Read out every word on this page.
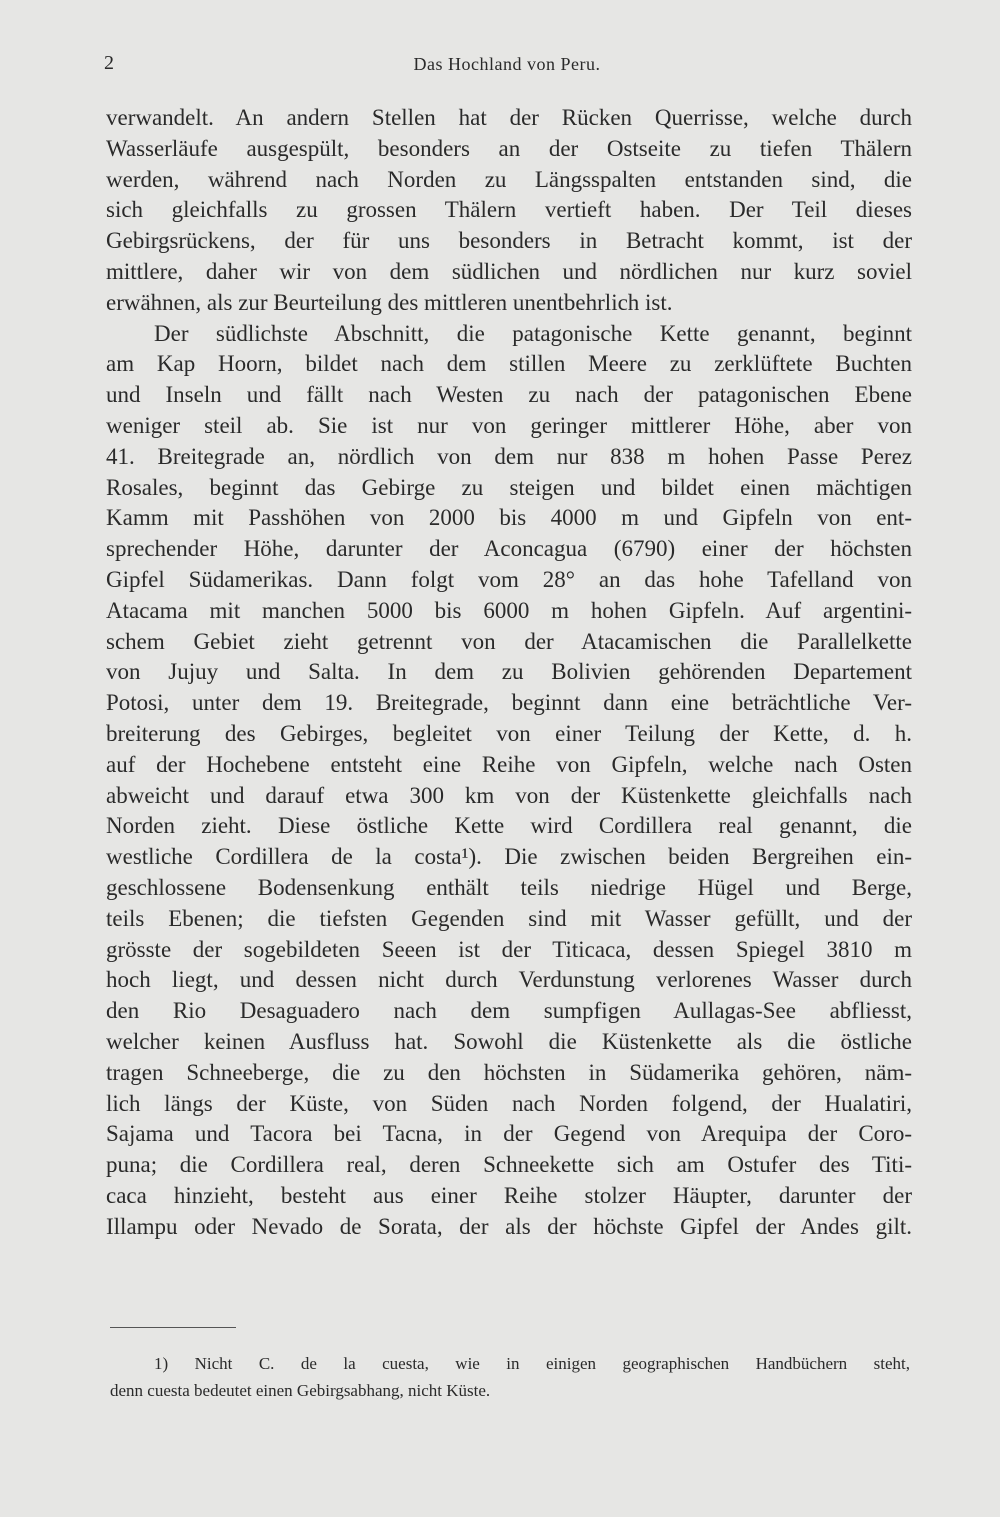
2	Das Hochland von Peru.
verwandelt. An andern Stellen hat der Rücken Querrisse, welche durch
Wasserläufe ausgespült, besonders an der Ostseite zu tiefen Thälern
werden, während nach Norden zu Längsspalten entstanden sind, die
sich gleichfalls zu grossen Thälern vertieft haben. Der Teil dieses
Gebirgsrückens, der für uns besonders in Betracht kommt, ist der
mittlere, daher wir von dem südlichen und nördlichen nur kurz soviel
erwähnen, als zur Beurteilung des mittleren unentbehrlich ist.
Der südlichste Abschnitt, die patagonische Kette genannt, beginnt
am Kap Hoorn, bildet nach dem stillen Meere zu zerklüftete Buchten
und Inseln und fällt nach Westen zu nach der patagonischen Ebene
weniger steil ab. Sie ist nur von geringer mittlerer Höhe, aber von
41. Breitegrade an, nördlich von dem nur 838 m hohen Passe Perez
Rosales, beginnt das Gebirge zu steigen und bildet einen mächtigen
Kamm mit Passhöhen von 2000 bis 4000 m und Gipfeln von ent-
sprechender Höhe, darunter der Aconcagua (6790) einer der höchsten
Gipfel Südamerikas. Dann folgt vom 28° an das hohe Tafelland von
Atacama mit manchen 5000 bis 6000 m hohen Gipfeln. Auf argentini-
schem Gebiet zieht getrennt von der Atacamischen die Parallelkette
von Jujuy und Salta. In dem zu Bolivien gehörenden Departement
Potosi, unter dem 19. Breitegrade, beginnt dann eine beträchtliche Ver-
breiterung des Gebirges, begleitet von einer Teilung der Kette, d. h.
auf der Hochebene entsteht eine Reihe von Gipfeln, welche nach Osten
abweicht und darauf etwa 300 km von der Küstenkette gleichfalls nach
Norden zieht. Diese östliche Kette wird Cordillera real genannt, die
westliche Cordillera de la costa¹). Die zwischen beiden Bergreihen ein-
geschlossene Bodensenkung enthält teils niedrige Hügel und Berge,
teils Ebenen; die tiefsten Gegenden sind mit Wasser gefüllt, und der
grösste der sogebildeten Seeen ist der Titicaca, dessen Spiegel 3810 m
hoch liegt, und dessen nicht durch Verdunstung verlorenes Wasser durch
den Rio Desaguadero nach dem sumpfigen Aullagas-See abfliesst,
welcher keinen Ausfluss hat. Sowohl die Küstenkette als die östliche
tragen Schneeberge, die zu den höchsten in Südamerika gehören, näm-
lich längs der Küste, von Süden nach Norden folgend, der Hualatiri,
Sajama und Tacora bei Tacna, in der Gegend von Arequipa der Coro-
puna; die Cordillera real, deren Schneekette sich am Ostufer des Titi-
caca hinzieht, besteht aus einer Reihe stolzer Häupter, darunter der
Illampu oder Nevado de Sorata, der als der höchste Gipfel der Andes gilt.
1) Nicht C. de la cuesta, wie in einigen geographischen Handbüchern steht,
denn cuesta bedeutet einen Gebirgsabhang, nicht Küste.
